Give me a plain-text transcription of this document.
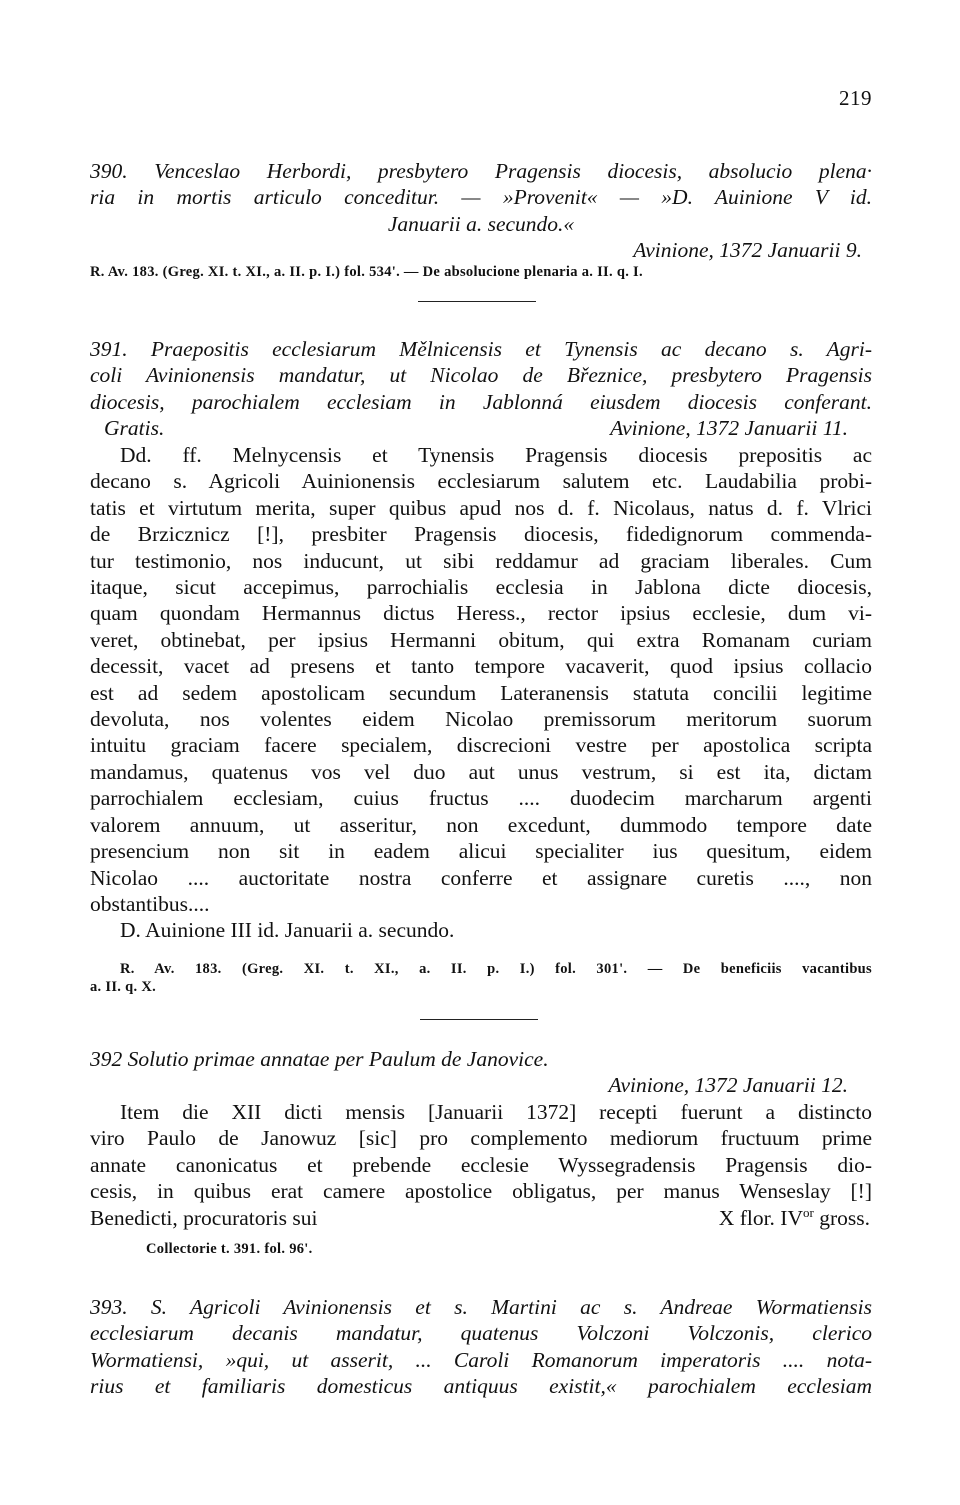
219
390. Venceslao Herbordi, presbytero Pragensis diocesis, absolucio plena·
ria in mortis articulo conceditur. — »Provenit« — »D. Auinione V id.
Januarii a. secundo.«
Avinione, 1372 Januarii 9.
R. Av. 183. (Greg. XI. t. XI., a. II. p. I.) fol. 534'. — De absolucione plenaria a. II. q. I.
391. Praepositis ecclesiarum Mělnicensis et Tynensis ac decano s. Agri-
coli Avinionensis mandatur, ut Nicolao de Březnice, presbytero Pragensis
diocesis, parochialem ecclesiam in Jablonná eiusdem diocesis conferant.
Gratis.	Avinione, 1372 Januarii 11.
Dd. ff. Melnycensis et Tynensis Pragensis diocesis prepositis ac
decano s. Agricoli Auinionensis ecclesiarum salutem etc. Laudabilia probi-
tatis et virtutum merita, super quibus apud nos d. f. Nicolaus, natus d. f. Vlrici
de Brzicznicz [!], presbiter Pragensis diocesis, fidedignorum commenda-
tur testimonio, nos inducunt, ut sibi reddamur ad graciam liberales. Cum
itaque, sicut accepimus, parrochialis ecclesia in Jablona dicte diocesis,
quam quondam Hermannus dictus Heress., rector ipsius ecclesie, dum vi-
veret, obtinebat, per ipsius Hermanni obitum, qui extra Romanam curiam
decessit, vacet ad presens et tanto tempore vacaverit, quod ipsius collacio
est ad sedem apostolicam secundum Lateranensis statuta concilii legitime
devoluta, nos volentes eidem Nicolao premissorum meritorum suorum
intuitu graciam facere specialem, discrecioni vestre per apostolica scripta
mandamus, quatenus vos vel duo aut unus vestrum, si est ita, dictam
parrochialem ecclesiam, cuius fructus .... duodecim marcharum argenti
valorem annuum, ut asseritur, non excedunt, dummodo tempore date
presencium non sit in eadem alicui specialiter ius quesitum, eidem
Nicolao .... auctoritate nostra conferre et assignare curetis ...., non
obstantibus....
D. Auinione III id. Januarii a. secundo.
R. Av. 183. (Greg. XI. t. XI., a. II. p. I.) fol. 301'. — De beneficiis vacantibus
a. II. q. X.
392 Solutio primae annatae per Paulum de Janovice.
Avinione, 1372 Januarii 12.
Item die XII dicti mensis [Januarii 1372] recepti fuerunt a distincto
viro Paulo de Janowuz [sic] pro complemento mediorum fructuum prime
annate canonicatus et prebende ecclesie Wyssegradensis Pragensis dio-
cesis, in quibus erat camere apostolice obligatus, per manus Wenseslay [!]
Benedicti, procuratoris sui	X flor. $IV^{or}$ gross.
Collectorie t. 391. fol. 96'.
393. S. Agricoli Avinionensis et s. Martini ac s. Andreae Wormatiensis
ecclesiarum decanis mandatur, quatenus Volczoni Volczonis, clerico
Wormatiensi, »qui, ut asserit, ... Caroli Romanorum imperatoris .... nota-
rius et familiaris domesticus antiquus existit,« parochialem ecclesiam
